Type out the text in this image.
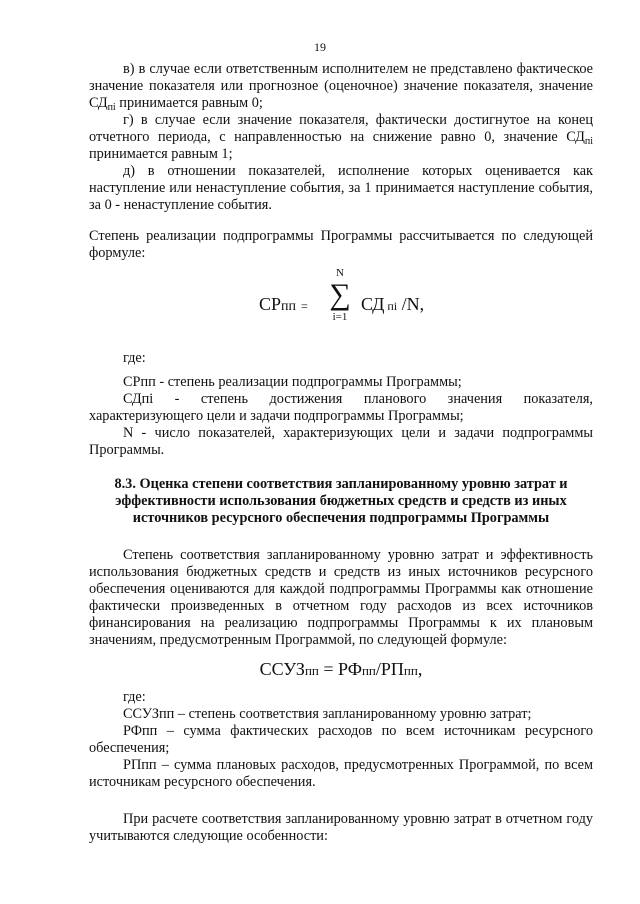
19

в) в случае если ответственным исполнителем не представлено фактическое значение показателя или прогнозное (оценочное) значение показателя, значение $СД_{пi}$ принимается равным 0;

г) в случае если значение показателя, фактически достигнутое на конец отчетного периода, с направленностью на снижение равно 0, значение $СД_{пi}$ принимается равным 1;

д) в отношении показателей, исполнение которых оценивается как наступление или ненаступление события, за 1 принимается наступление события, за 0 - ненаступление события.

Степень реализации подпрограммы Программы рассчитывается по следующей формуле:

СРпп =
N
∑
i=1
СД пi /N,

где:

СРпп - степень реализации подпрограммы Программы;

СДпi - степень достижения планового значения показателя, характеризующего цели и задачи подпрограммы Программы;

N - число показателей, характеризующих цели и задачи подпрограммы Программы.

8.3. Оценка степени соответствия запланированному уровню затрат и эффективности использования бюджетных средств и средств из иных источников ресурсного обеспечения подпрограммы Программы

Степень соответствия запланированному уровню затрат и эффективность использования бюджетных средств и средств из иных источников ресурсного обеспечения оцениваются для каждой подпрограммы Программы как отношение фактически произведенных в отчетном году расходов из всех источников финансирования на реализацию подпрограммы Программы к их плановым значениям, предусмотренным Программой, по следующей формуле:

ССУЗпп = РФпп/РПпп,

где:

ССУЗпп – степень соответствия запланированному уровню затрат;

РФпп – сумма фактических расходов по всем источникам ресурсного обеспечения;

РПпп – сумма плановых расходов, предусмотренных Программой, по всем источникам ресурсного обеспечения.

При расчете соответствия запланированному уровню затрат в отчетном году учитываются следующие особенности:
